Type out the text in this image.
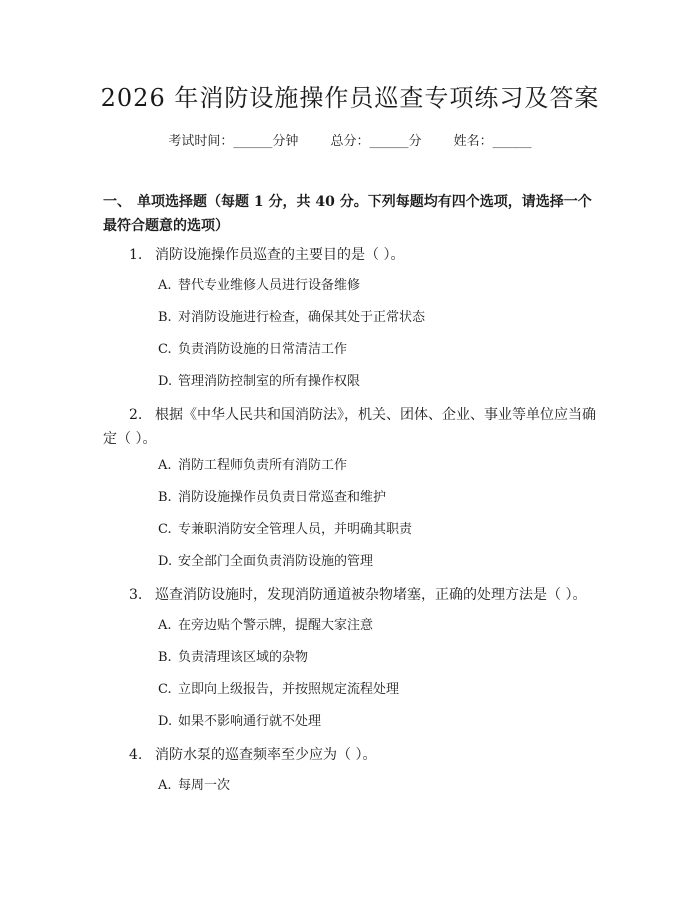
2026 年消防设施操作员巡查专项练习及答案
考试时间：______分钟 总分：______分 姓名：______
一、 单项选择题（每题 1 分，共 40 分。下列每题均有四个选项，请选择一个最符合题意的选项）
1. 消防设施操作员巡查的主要目的是（ ）。
A. 替代专业维修人员进行设备维修
B. 对消防设施进行检查，确保其处于正常状态
C. 负责消防设施的日常清洁工作
D. 管理消防控制室的所有操作权限
2. 根据《中华人民共和国消防法》，机关、团体、企业、事业等单位应当确定（ ）。
A. 消防工程师负责所有消防工作
B. 消防设施操作员负责日常巡查和维护
C. 专兼职消防安全管理人员，并明确其职责
D. 安全部门全面负责消防设施的管理
3. 巡查消防设施时，发现消防通道被杂物堵塞，正确的处理方法是（ ）。
A. 在旁边贴个警示牌，提醒大家注意
B. 负责清理该区域的杂物
C. 立即向上级报告，并按照规定流程处理
D. 如果不影响通行就不处理
4. 消防水泵的巡查频率至少应为（ ）。
A. 每周一次
